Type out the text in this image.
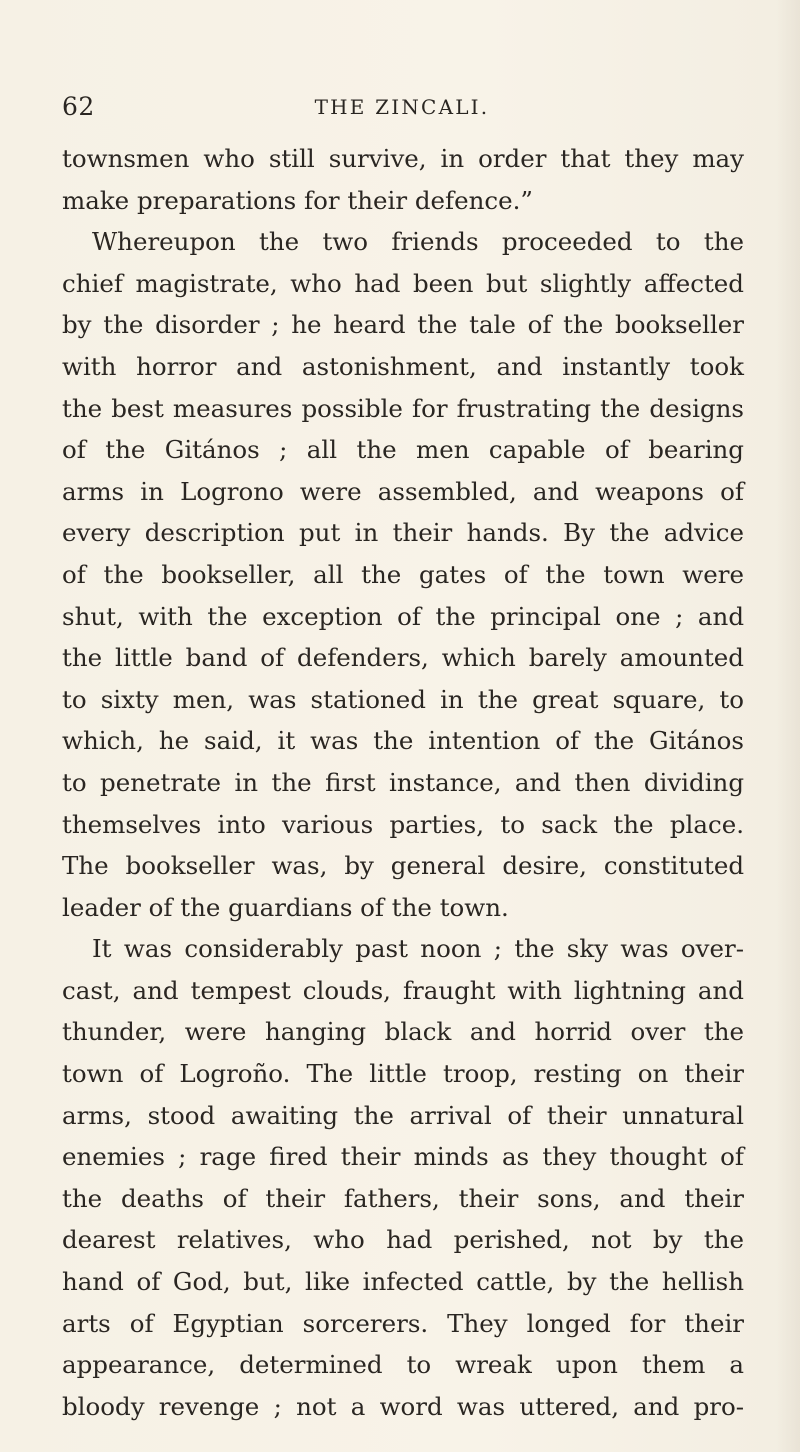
62	THE ZINCALI.
townsmen who still survive, in order that they may
make preparations for their defence.”
Whereupon the two friends proceeded to the
chief magistrate, who had been but slightly affected
by the disorder ; he heard the tale of the bookseller
with horror and astonishment, and instantly took
the best measures possible for frustrating the designs
of the Gitános ; all the men capable of bearing
arms in Logrono were assembled, and weapons of
every description put in their hands. By the advice
of the bookseller, all the gates of the town were
shut, with the exception of the principal one ; and
the little band of defenders, which barely amounted
to sixty men, was stationed in the great square, to
which, he said, it was the intention of the Gitános
to penetrate in the first instance, and then dividing
themselves into various parties, to sack the place.
The bookseller was, by general desire, constituted
leader of the guardians of the town.
It was considerably past noon ; the sky was over-
cast, and tempest clouds, fraught with lightning and
thunder, were hanging black and horrid over the
town of Logroño. The little troop, resting on their
arms, stood awaiting the arrival of their unnatural
enemies ; rage fired their minds as they thought of
the deaths of their fathers, their sons, and their
dearest relatives, who had perished, not by the
hand of God, but, like infected cattle, by the hellish
arts of Egyptian sorcerers. They longed for their
appearance, determined to wreak upon them a
bloody revenge ; not a word was uttered, and pro-
